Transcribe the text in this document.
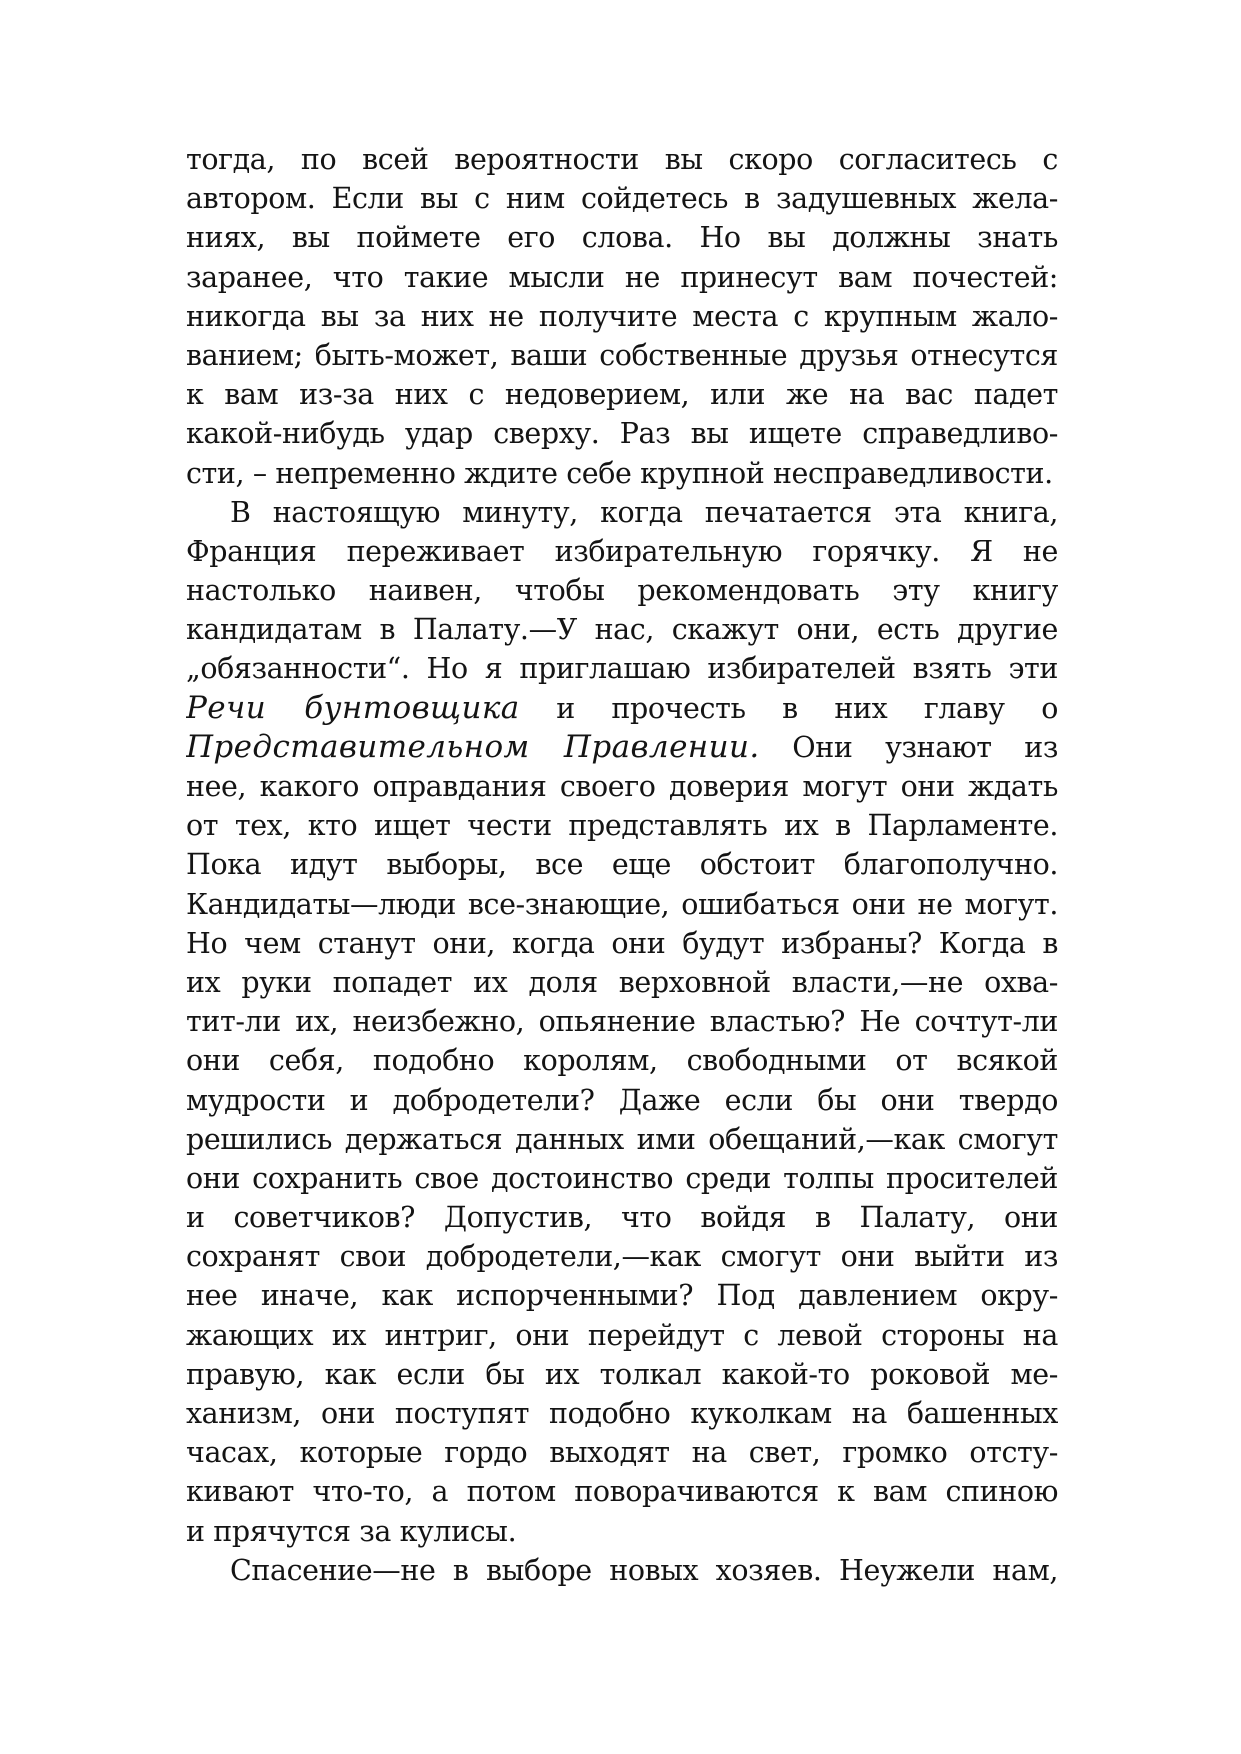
тогда, по всей вероятности вы скоро согласитесь с
автором. Если вы с ним сойдетесь в задушевных жела-
ниях, вы поймете его слова. Но вы должны знать
заранее, что такие мысли не принесут вам почестей:
никогда вы за них не получите места с крупным жало-
ванием; быть-может, ваши собственные друзья отнесутся
к вам из-за них с недоверием, или же на вас падет
какой-нибудь удар сверху. Раз вы ищете справедливо-
сти, – непременно ждите себе крупной несправедливости.
В настоящую минуту, когда печатается эта книга,
Франция переживает избирательную горячку. Я не
настолько наивен, чтобы рекомендовать эту книгу
кандидатам в Палату.—У нас, скажут они, есть другие
„обязанности“. Но я приглашаю избирателей взять эти
Речи бунтовщика и прочесть в них главу о
Представительном Правлении. Они узнают из
нее, какого оправдания своего доверия могут они ждать
от тех, кто ищет чести представлять их в Парламенте.
Пока идут выборы, все еще обстоит благополучно.
Кандидаты—люди все-знающие, ошибаться они не могут.
Но чем станут они, когда они будут избраны? Когда в
их руки попадет их доля верховной власти,—не охва-
тит-ли их, неизбежно, опьянение властью? Не сочтут-ли
они себя, подобно королям, свободными от всякой
мудрости и добродетели? Даже если бы они твердо
решились держаться данных ими обещаний,—как смогут
они сохранить свое достоинство среди толпы просителей
и советчиков? Допустив, что войдя в Палату, они
сохранят свои добродетели,—как смогут они выйти из
нее иначе, как испорченными? Под давлением окру-
жающих их интриг, они перейдут с левой стороны на
правую, как если бы их толкал какой-то роковой ме-
ханизм, они поступят подобно куколкам на башенных
часах, которые гордо выходят на свет, громко отсту-
кивают что-то, а потом поворачиваются к вам спиною
и прячутся за кулисы.
Спасение—не в выборе новых хозяев. Неужели нам,
